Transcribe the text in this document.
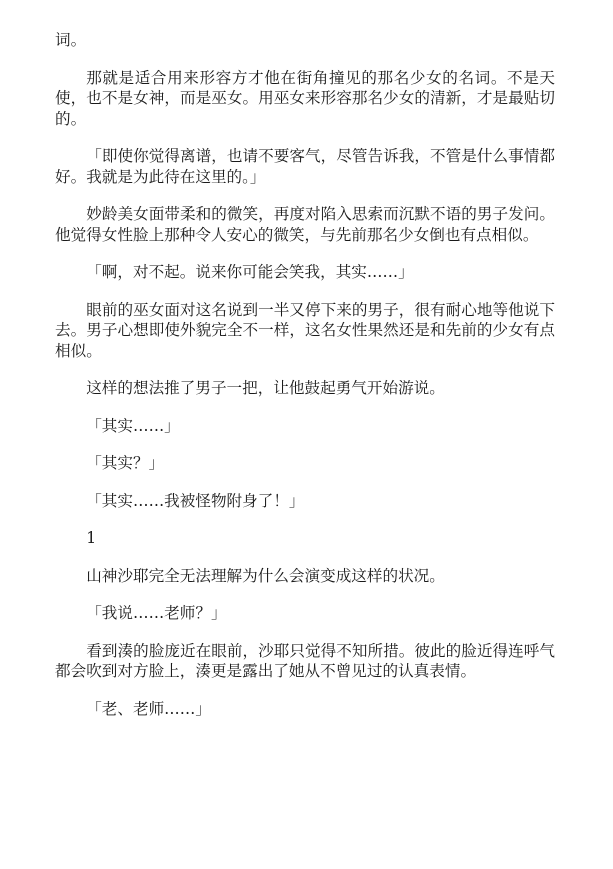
词。

那就是适合用来形容方才他在街角撞见的那名少女的名词。不是天使，也不是女神，而是巫女。用巫女来形容那名少女的清新，才是最贴切的。

「即使你觉得离谱，也请不要客气，尽管告诉我，不管是什么事情都好。我就是为此待在这里的。」

妙龄美女面带柔和的微笑，再度对陷入思索而沉默不语的男子发问。他觉得女性脸上那种令人安心的微笑，与先前那名少女倒也有点相似。

「啊，对不起。说来你可能会笑我，其实……」

眼前的巫女面对这名说到一半又停下来的男子，很有耐心地等他说下去。男子心想即使外貌完全不一样，这名女性果然还是和先前的少女有点相似。

这样的想法推了男子一把，让他鼓起勇气开始游说。

「其实……」

「其实？」

「其实……我被怪物附身了！」

1

山神沙耶完全无法理解为什么会演变成这样的状况。

「我说……老师？」

看到湊的脸庞近在眼前，沙耶只觉得不知所措。彼此的脸近得连呼气都会吹到对方脸上，湊更是露出了她从不曾见过的认真表情。

「老、老师……」
